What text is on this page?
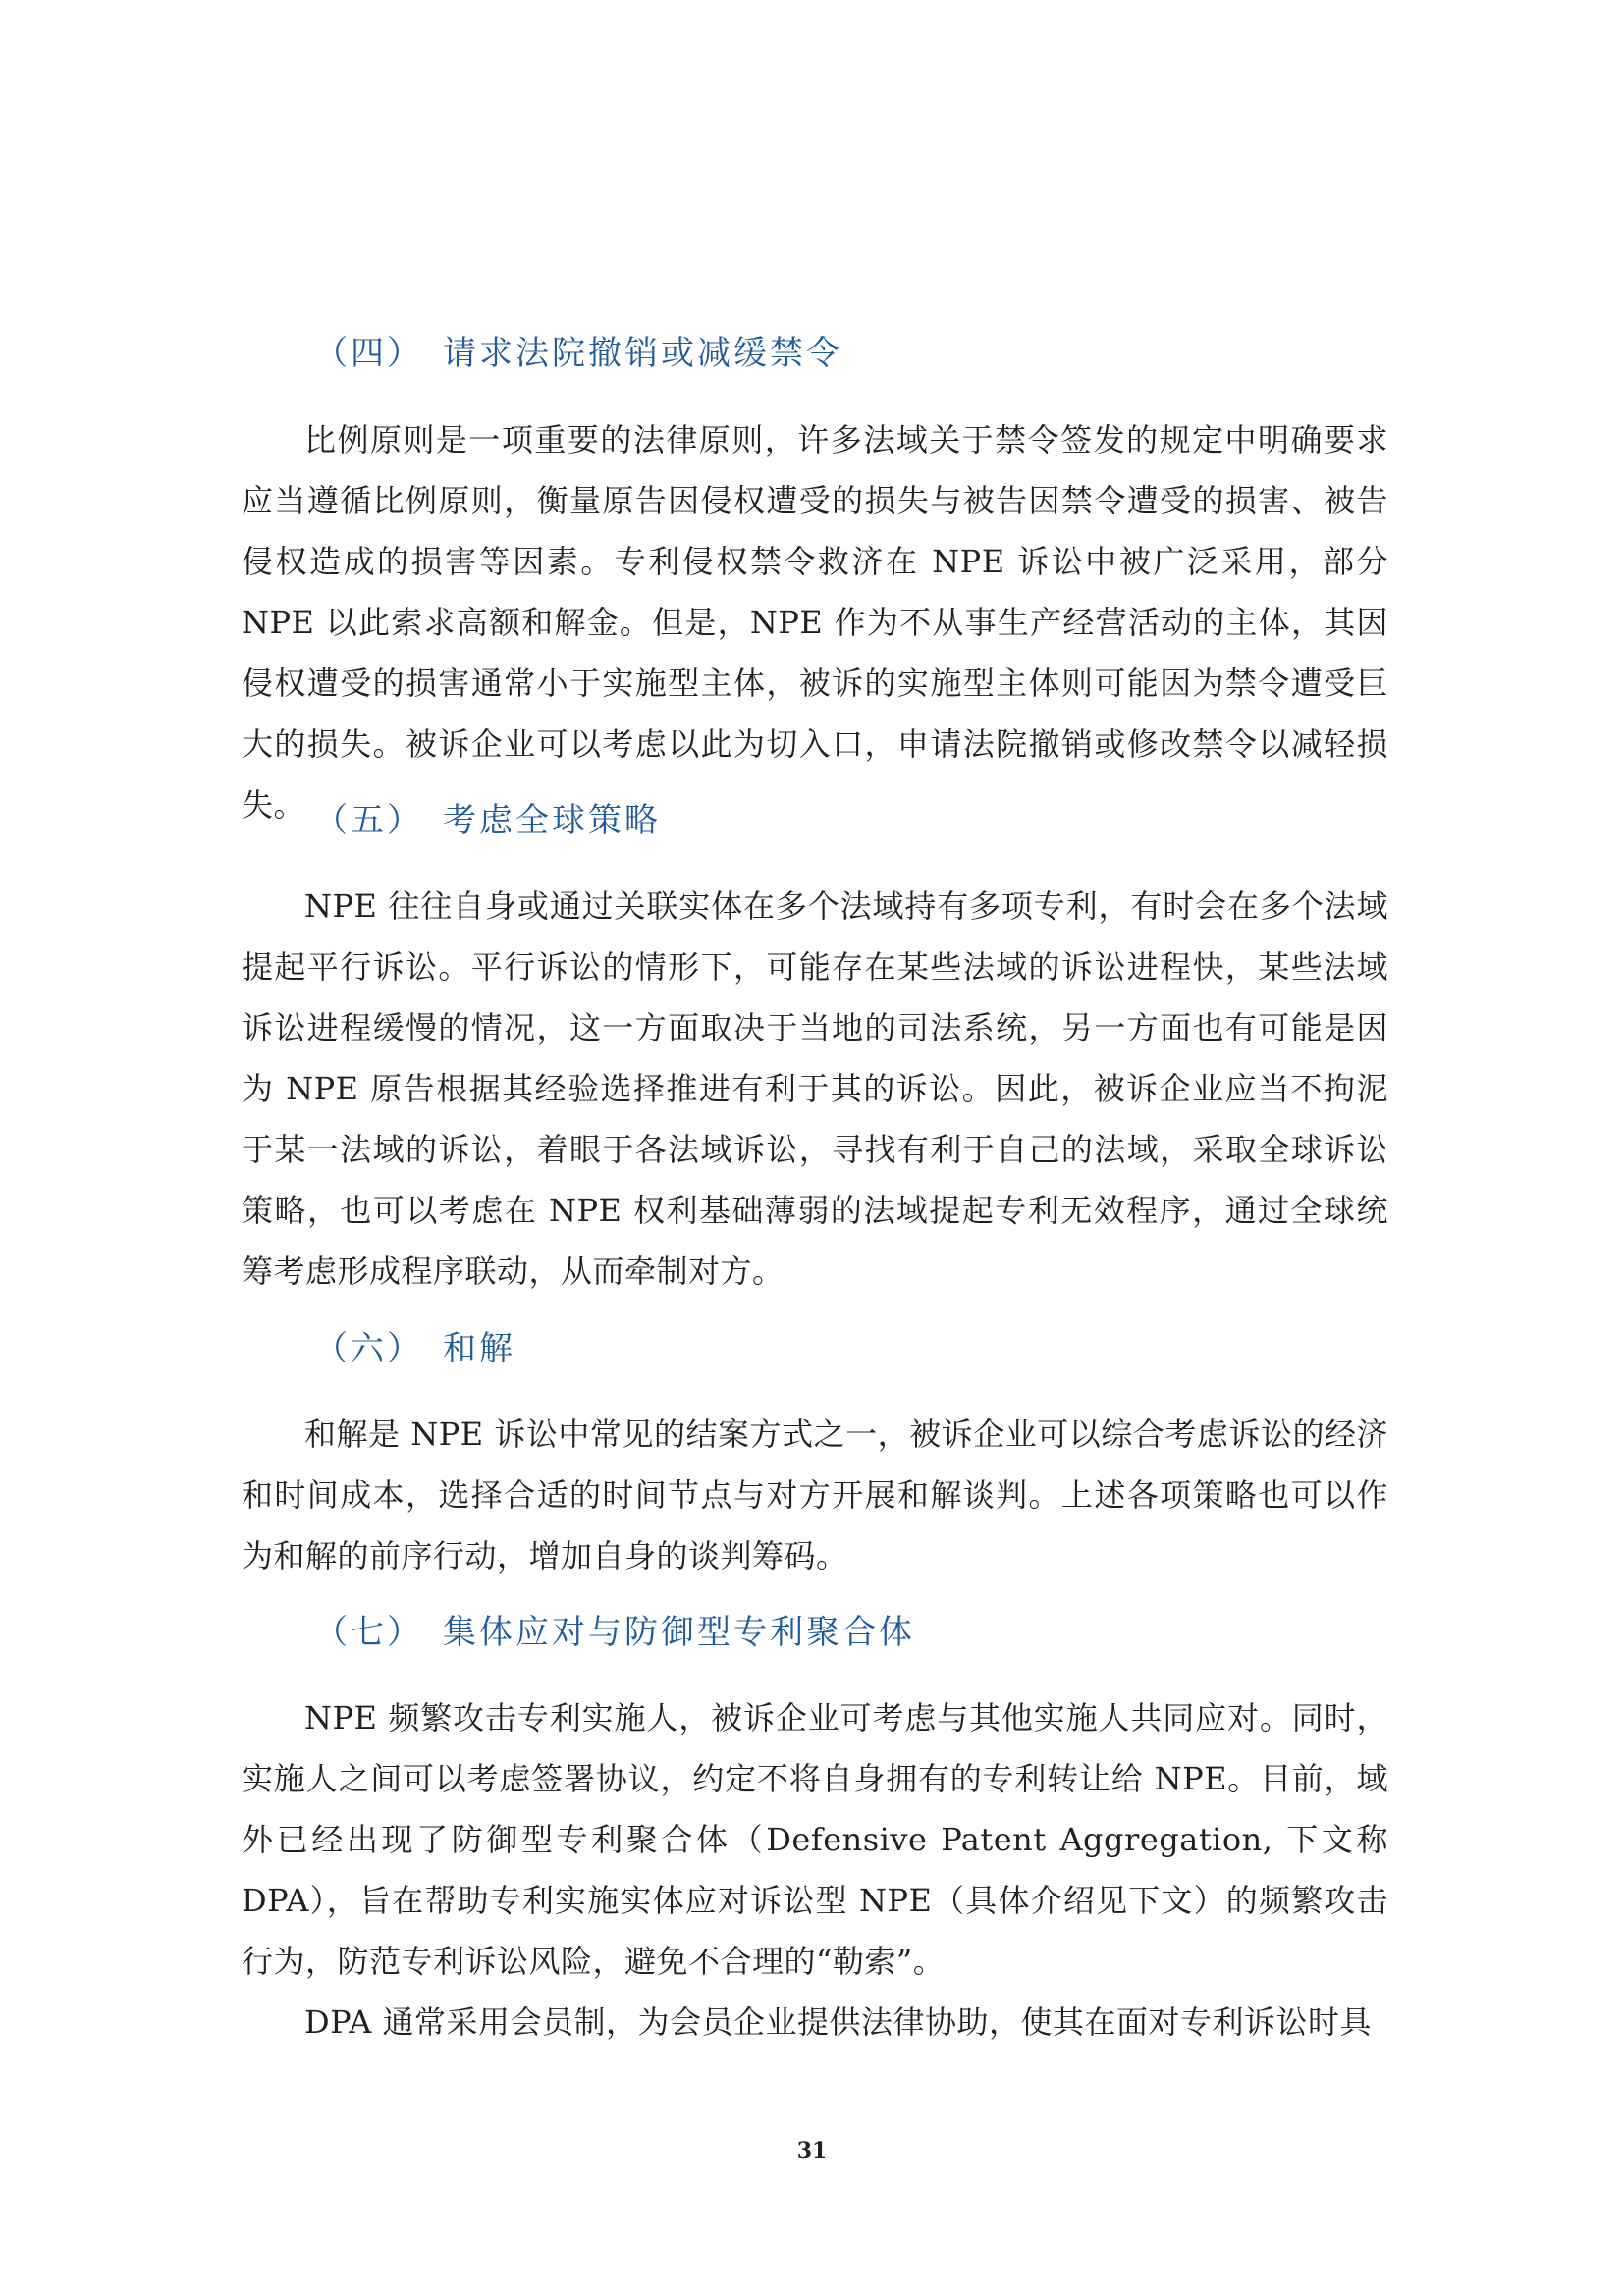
（四） 请求法院撤销或减缓禁令

比例原则是一项重要的法律原则，许多法域关于禁令签发的规定中明确要求应当遵循比例原则，衡量原告因侵权遭受的损失与被告因禁令遭受的损害、被告侵权造成的损害等因素。专利侵权禁令救济在 NPE 诉讼中被广泛采用，部分 NPE 以此索求高额和解金。但是，NPE 作为不从事生产经营活动的主体，其因侵权遭受的损害通常小于实施型主体，被诉的实施型主体则可能因为禁令遭受巨大的损失。被诉企业可以考虑以此为切入口，申请法院撤销或修改禁令以减轻损失。 （五） 考虑全球策略

NPE 往往自身或通过关联实体在多个法域持有多项专利，有时会在多个法域提起平行诉讼。平行诉讼的情形下，可能存在某些法域的诉讼进程快，某些法域诉讼进程缓慢的情况，这一方面取决于当地的司法系统，另一方面也有可能是因为 NPE 原告根据其经验选择推进有利于其的诉讼。因此，被诉企业应当不拘泥于某一法域的诉讼，着眼于各法域诉讼，寻找有利于自己的法域，采取全球诉讼策略，也可以考虑在 NPE 权利基础薄弱的法域提起专利无效程序，通过全球统筹考虑形成程序联动，从而牵制对方。

（六） 和解

和解是 NPE 诉讼中常见的结案方式之一，被诉企业可以综合考虑诉讼的经济和时间成本，选择合适的时间节点与对方开展和解谈判。上述各项策略也可以作为和解的前序行动，增加自身的谈判筹码。

（七） 集体应对与防御型专利聚合体

NPE 频繁攻击专利实施人，被诉企业可考虑与其他实施人共同应对。同时，实施人之间可以考虑签署协议，约定不将自身拥有的专利转让给 NPE。目前，域外已经出现了防御型专利聚合体（Defensive Patent Aggregation, 下文称 DPA），旨在帮助专利实施实体应对诉讼型 NPE（具体介绍见下文）的频繁攻击行为，防范专利诉讼风险，避免不合理的“勒索”。

DPA 通常采用会员制，为会员企业提供法律协助，使其在面对专利诉讼时具

31
